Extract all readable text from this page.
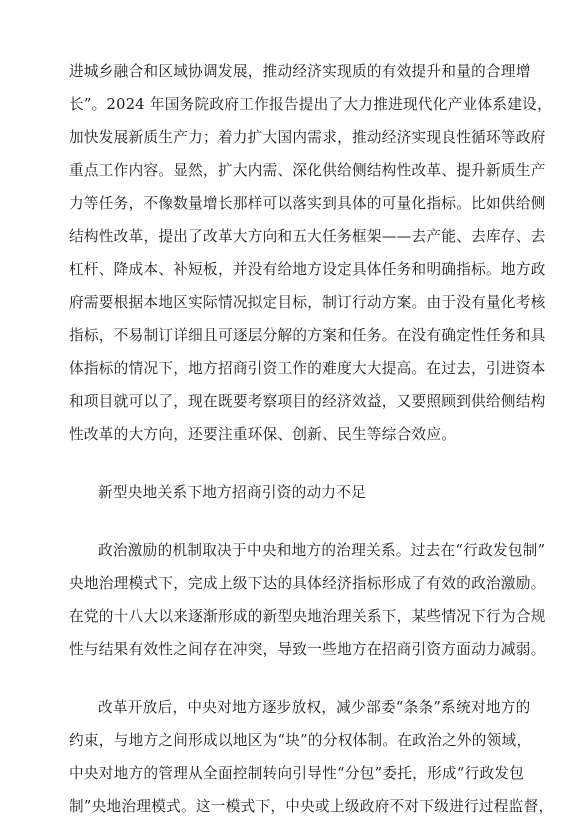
进城乡融合和区域协调发展，推动经济实现质的有效提升和量的合理增
长”。2024 年国务院政府工作报告提出了大力推进现代化产业体系建设，
加快发展新质生产力；着力扩大国内需求，推动经济实现良性循环等政府
重点工作内容。显然，扩大内需、深化供给侧结构性改革、提升新质生产
力等任务，不像数量增长那样可以落实到具体的可量化指标。比如供给侧
结构性改革，提出了改革大方向和五大任务框架——去产能、去库存、去
杠杆、降成本、补短板，并没有给地方设定具体任务和明确指标。地方政
府需要根据本地区实际情况拟定目标，制订行动方案。由于没有量化考核
指标，不易制订详细且可逐层分解的方案和任务。在没有确定性任务和具
体指标的情况下，地方招商引资工作的难度大大提高。在过去，引进资本
和项目就可以了，现在既要考察项目的经济效益，又要照顾到供给侧结构
性改革的大方向，还要注重环保、创新、民生等综合效应。
新型央地关系下地方招商引资的动力不足
政治激励的机制取决于中央和地方的治理关系。过去在“行政发包制”
央地治理模式下，完成上级下达的具体经济指标形成了有效的政治激励。
在党的十八大以来逐渐形成的新型央地治理关系下，某些情况下行为合规
性与结果有效性之间存在冲突，导致一些地方在招商引资方面动力减弱。
改革开放后，中央对地方逐步放权，减少部委“条条”系统对地方的
约束，与地方之间形成以地区为“块”的分权体制。在政治之外的领域，
中央对地方的管理从全面控制转向引导性“分包”委托，形成“行政发包
制”央地治理模式。这一模式下，中央或上级政府不对下级进行过程监督，
